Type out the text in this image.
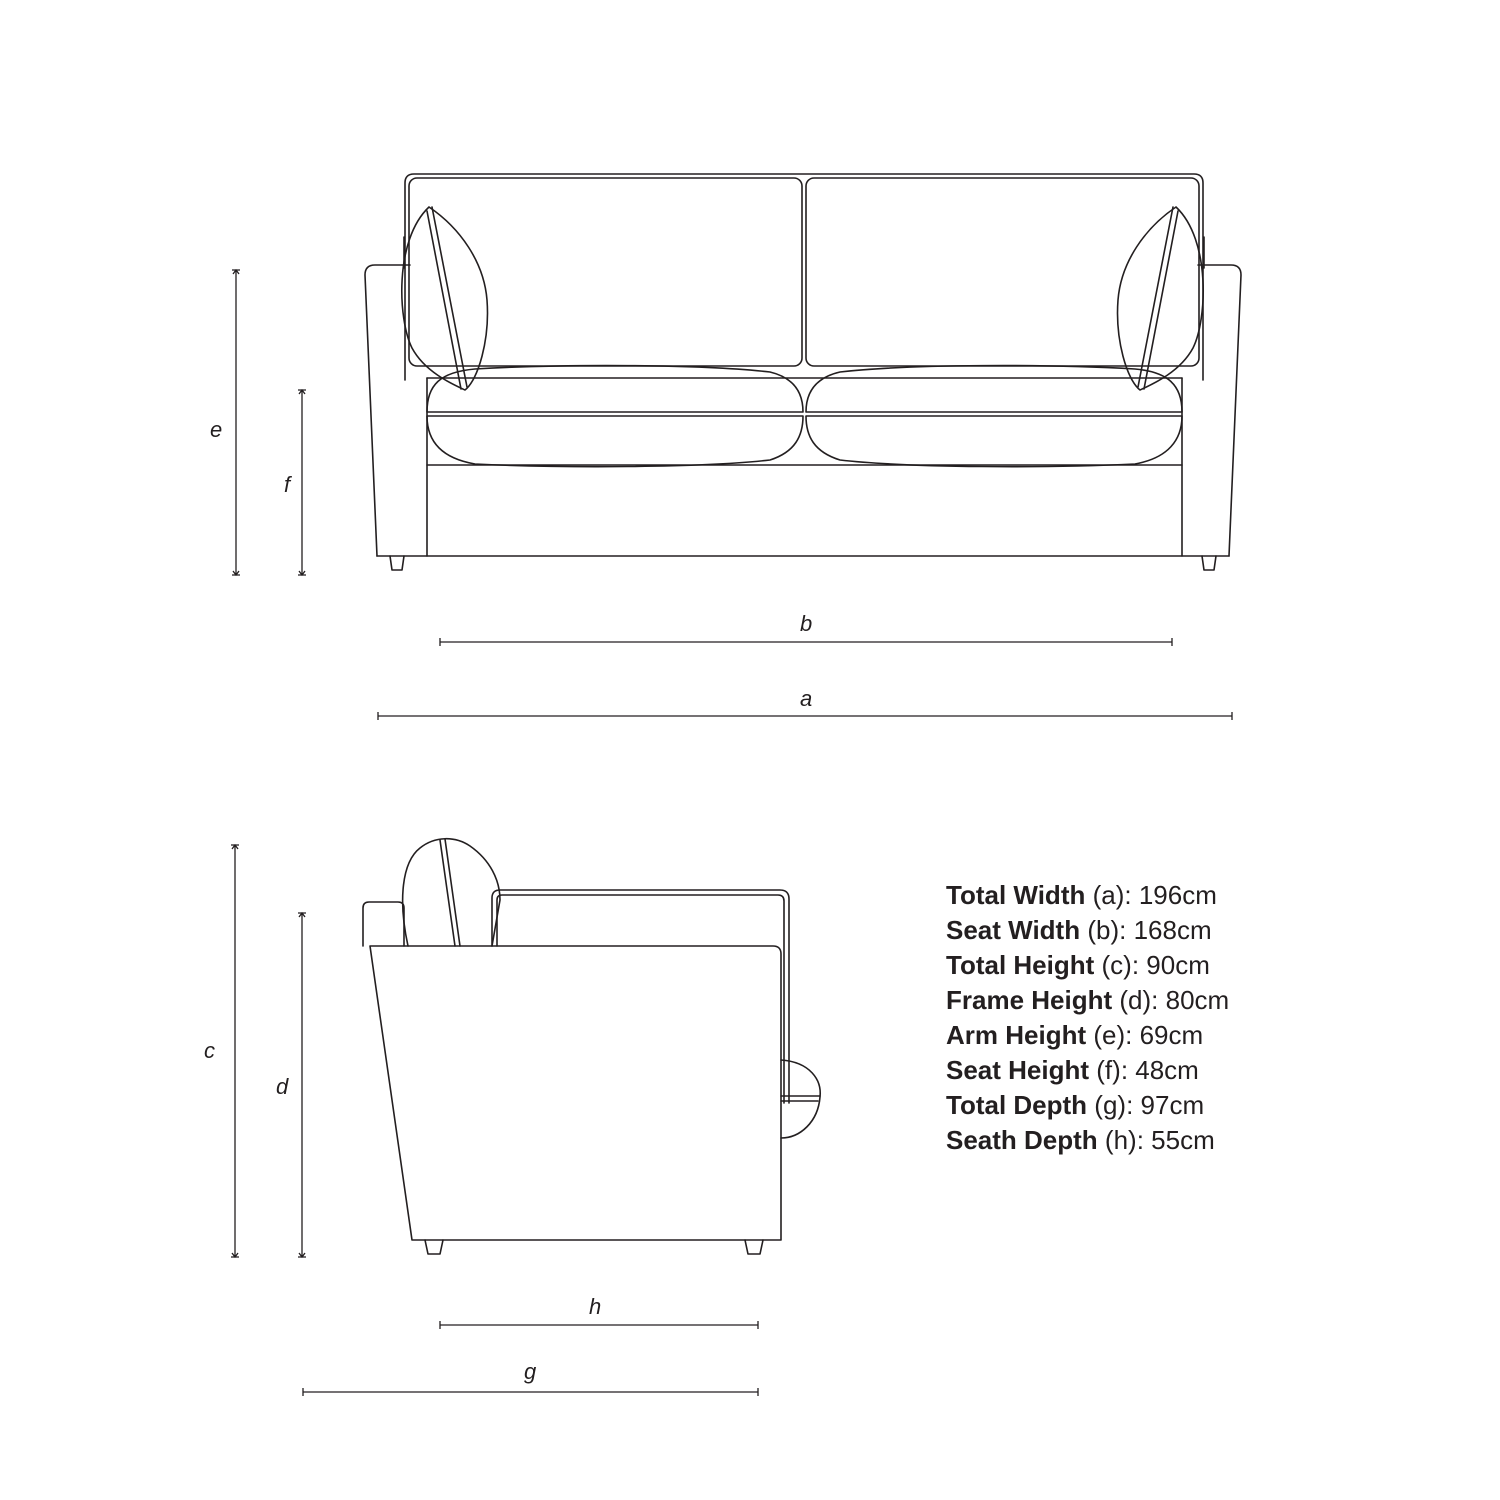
e
f
b
a
c
d
h
g
Total Width (a): 196cm
Seat Width (b): 168cm
Total Height (c): 90cm
Frame Height (d): 80cm
Arm Height (e): 69cm
Seat Height (f): 48cm
Total Depth (g): 97cm
Seath Depth (h): 55cm
